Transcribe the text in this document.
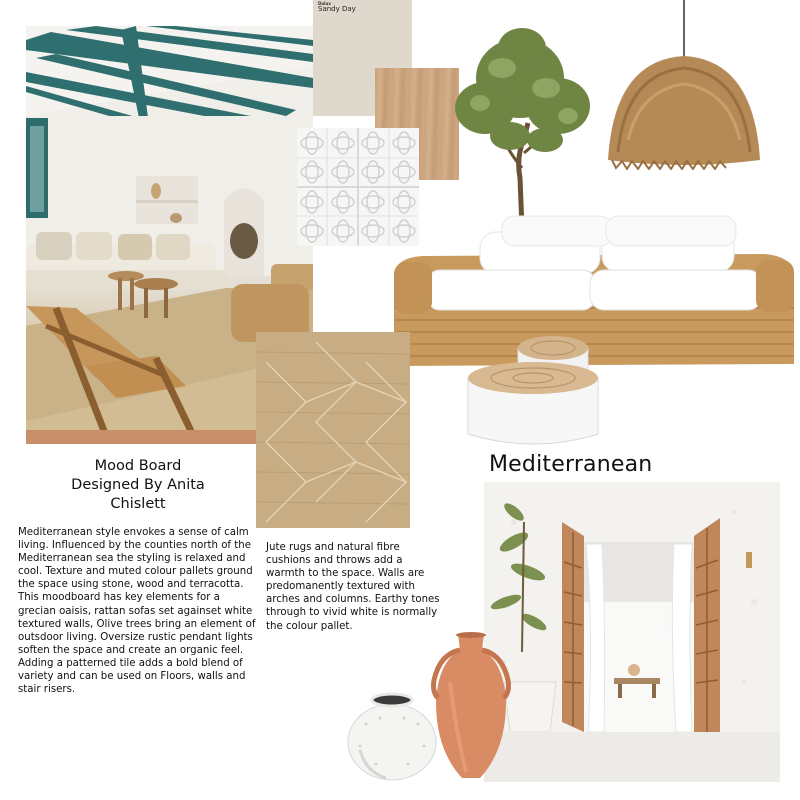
Dulux
Sandy Day
Mood Board
Designed By Anita
Chislett
Mediterranean style envokes a sense of calm living. Influenced by the counties north of the Mediterranean sea the styling is relaxed and cool. Texture and muted colour pallets ground the space using stone, wood and terracotta. This moodboard has key elements for a grecian oaisis, rattan sofas set againset white textured walls, Olive trees bring an element of outsdoor living. Oversize rustic pendant lights soften the space and create an organic feel. Adding a patterned tile adds a bold blend of variety and can be used on Floors, walls and stair risers.
Jute rugs and natural fibre cushions and throws add a warmth to the space. Walls are predomanently textured with arches and columns. Earthy tones through to vivid white is normally the colour pallet.
Mediterranean
